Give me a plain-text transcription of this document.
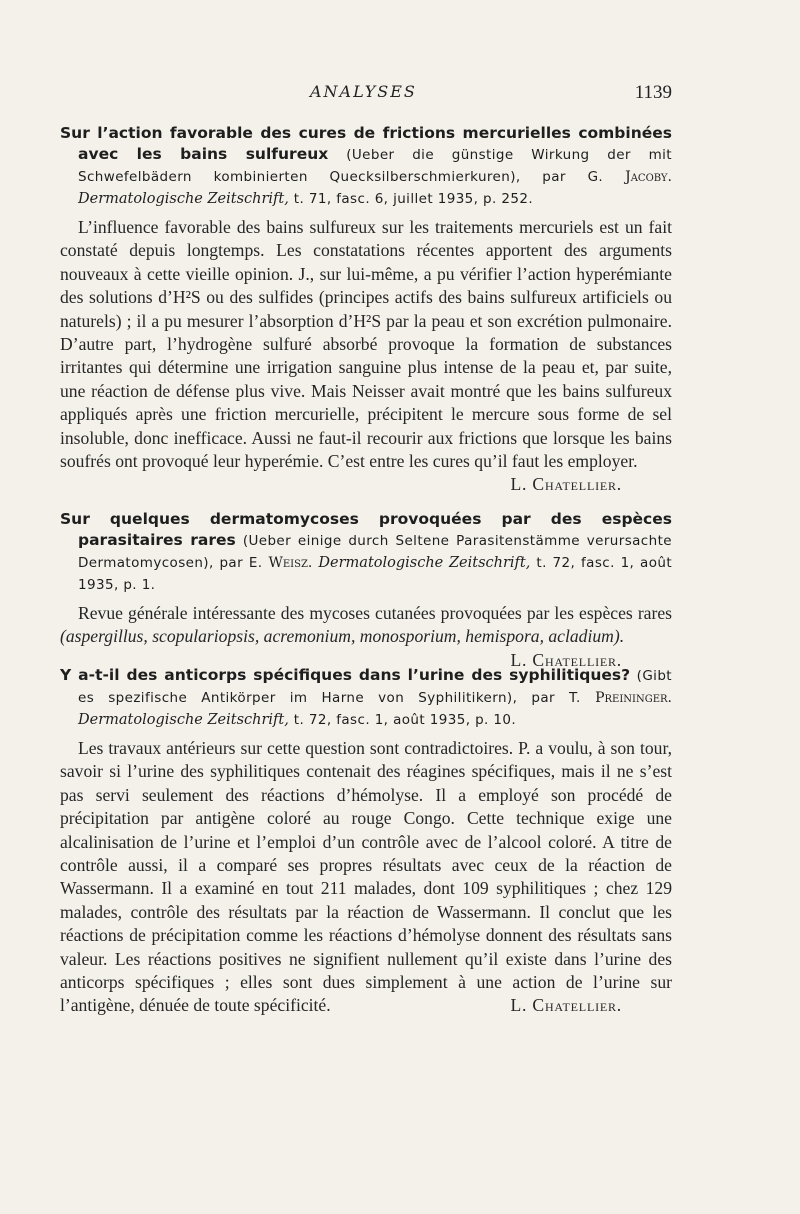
ANALYSES	1139

Sur l’action favorable des cures de frictions mercurielles combinées avec les bains sulfureux (Ueber die günstige Wirkung der mit Schwefelbädern kombinierten Quecksilberschmierkuren), par G. Jacoby. Dermatologische Zeitschrift, t. 71, fasc. 6, juillet 1935, p. 252.

L’influence favorable des bains sulfureux sur les traitements mercuriels est un fait constaté depuis longtemps. Les constatations récentes apportent des arguments nouveaux à cette vieille opinion. J., sur lui-même, a pu vérifier l’action hyperémiante des solutions d’H²S ou des sulfides (principes actifs des bains sulfureux artificiels ou naturels) ; il a pu mesurer l’absorption d’H²S par la peau et son excrétion pulmonaire. D’autre part, l’hydrogène sulfuré absorbé provoque la formation de substances irritantes qui détermine une irrigation sanguine plus intense de la peau et, par suite, une réaction de défense plus vive. Mais Neisser avait montré que les bains sulfureux appliqués après une friction mercurielle, précipitent le mercure sous forme de sel insoluble, donc inefficace. Aussi ne faut-il recourir aux frictions que lorsque les bains soufrés ont provoqué leur hyperémie. C’est entre les cures qu’il faut les employer.
L. Chatellier.

Sur quelques dermatomycoses provoquées par des espèces parasitaires rares (Ueber einige durch Seltene Parasitenstämme verursachte Dermatomycosen), par E. Weisz. Dermatologische Zeitschrift, t. 72, fasc. 1, août 1935, p. 1.

Revue générale intéressante des mycoses cutanées provoquées par les espèces rares (aspergillus, scopulariopsis, acremonium, monosporium, hemispora, acladium).
L. Chatellier.

Y a-t-il des anticorps spécifiques dans l’urine des syphilitiques? (Gibt es spezifische Antikörper im Harne von Syphilitikern), par T. Preininger. Dermatologische Zeitschrift, t. 72, fasc. 1, août 1935, p. 10.

Les travaux antérieurs sur cette question sont contradictoires. P. a voulu, à son tour, savoir si l’urine des syphilitiques contenait des réagines spécifiques, mais il ne s’est pas servi seulement des réactions d’hémolyse. Il a employé son procédé de précipitation par antigène coloré au rouge Congo. Cette technique exige une alcalinisation de l’urine et l’emploi d’un contrôle avec de l’alcool coloré. A titre de contrôle aussi, il a comparé ses propres résultats avec ceux de la réaction de Wassermann. Il a examiné en tout 211 malades, dont 109 syphilitiques ; chez 129 malades, contrôle des résultats par la réaction de Wassermann. Il conclut que les réactions de précipitation comme les réactions d’hémolyse donnent des résultats sans valeur. Les réactions positives ne signifient nullement qu’il existe dans l’urine des anticorps spécifiques ; elles sont dues simplement à une action de l’urine sur l’antigène, dénuée de toute spécificité.	L. Chatellier.
